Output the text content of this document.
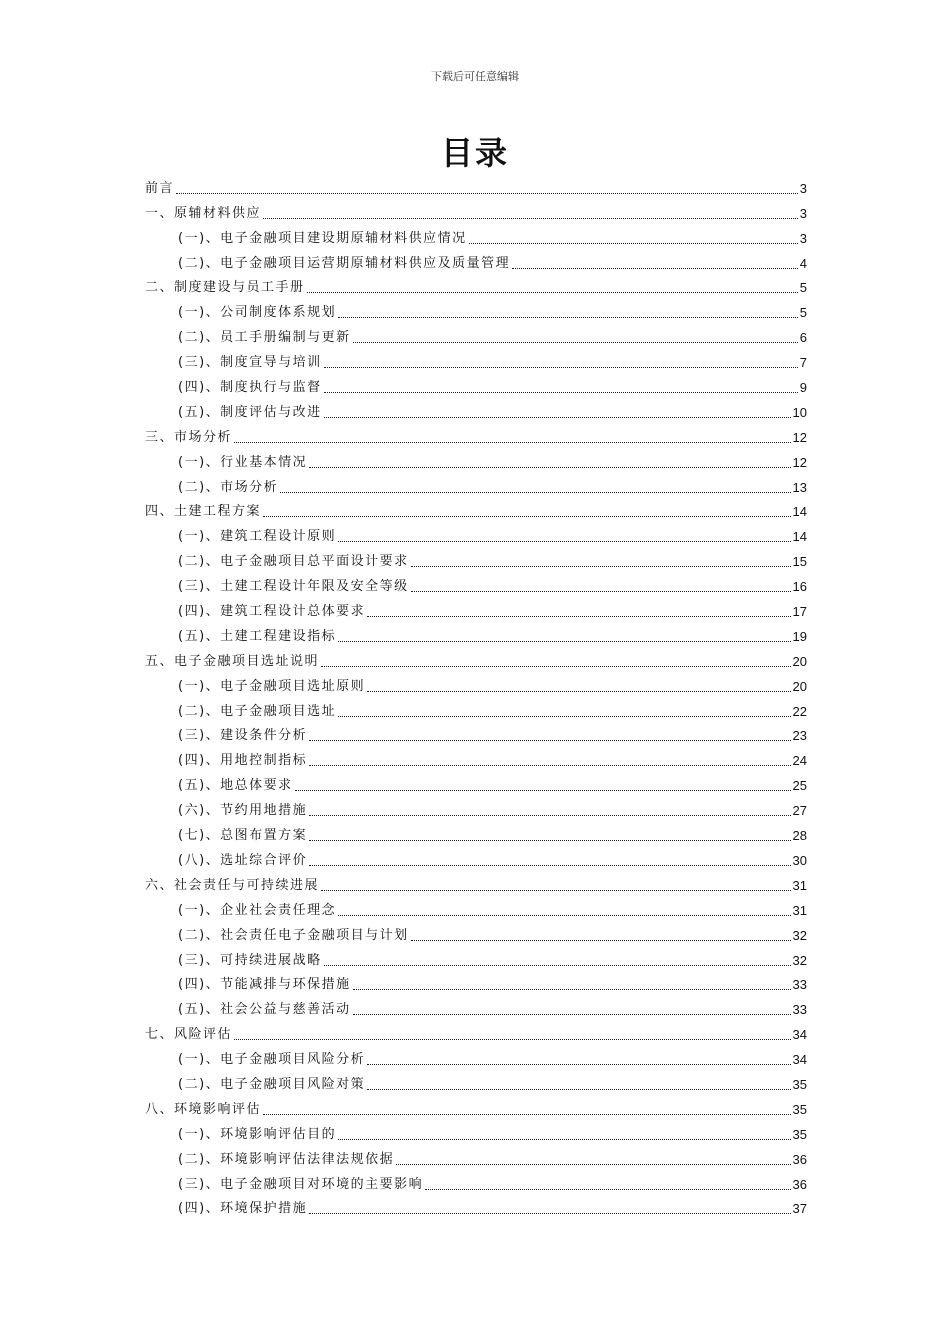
下载后可任意编辑
目录
前言	3
一、原辅材料供应	3
(一)、电子金融项目建设期原辅材料供应情况	3
(二)、电子金融项目运营期原辅材料供应及质量管理	4
二、制度建设与员工手册	5
(一)、公司制度体系规划	5
(二)、员工手册编制与更新	6
(三)、制度宣导与培训	7
(四)、制度执行与监督	9
(五)、制度评估与改进	10
三、市场分析	12
(一)、行业基本情况	12
(二)、市场分析	13
四、土建工程方案	14
(一)、建筑工程设计原则	14
(二)、电子金融项目总平面设计要求	15
(三)、土建工程设计年限及安全等级	16
(四)、建筑工程设计总体要求	17
(五)、土建工程建设指标	19
五、电子金融项目选址说明	20
(一)、电子金融项目选址原则	20
(二)、电子金融项目选址	22
(三)、建设条件分析	23
(四)、用地控制指标	24
(五)、地总体要求	25
(六)、节约用地措施	27
(七)、总图布置方案	28
(八)、选址综合评价	30
六、社会责任与可持续进展	31
(一)、企业社会责任理念	31
(二)、社会责任电子金融项目与计划	32
(三)、可持续进展战略	32
(四)、节能减排与环保措施	33
(五)、社会公益与慈善活动	33
七、风险评估	34
(一)、电子金融项目风险分析	34
(二)、电子金融项目风险对策	35
八、环境影响评估	35
(一)、环境影响评估目的	35
(二)、环境影响评估法律法规依据	36
(三)、电子金融项目对环境的主要影响	36
(四)、环境保护措施	37
